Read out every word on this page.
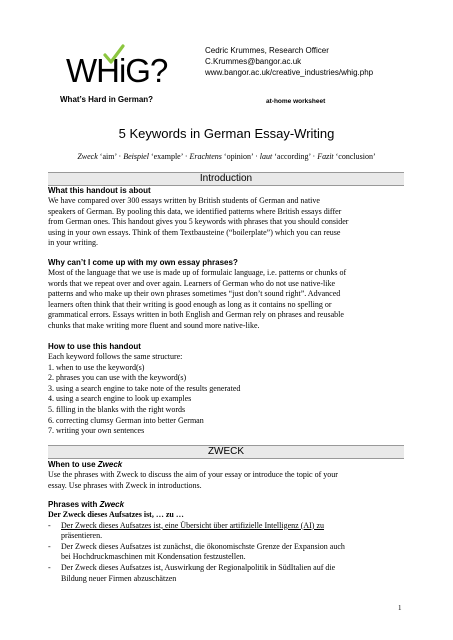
WHiG?
What’s Hard in German?
Cedric Krummes, Research Officer
C.Krummes@bangor.ac.uk
www.bangor.ac.uk/creative_industries/whig.php
at-home worksheet
5 Keywords in German Essay-Writing
Zweck ‘aim’ · Beispiel ‘example’ · Erachtens ‘opinion’ · laut ‘according’ · Fazit ‘conclusion’
Introduction
What this handout is about
We have compared over 300 essays written by British students of German and native
speakers of German. By pooling this data, we identified patterns where British essays differ
from German ones. This handout gives you 5 keywords with phrases that you should consider
using in your own essays. Think of them Textbausteine (“boilerplate”) which you can reuse
in your writing.
Why can’t I come up with my own essay phrases?
Most of the language that we use is made up of formulaic language, i.e. patterns or chunks of
words that we repeat over and over again. Learners of German who do not use native-like
patterns and who make up their own phrases sometimes “just don’t sound right”. Advanced
learners often think that their writing is good enough as long as it contains no spelling or
grammatical errors. Essays written in both English and German rely on phrases and reusable
chunks that make writing more fluent and sound more native-like.
How to use this handout
Each keyword follows the same structure:
1. when to use the keyword(s)
2. phrases you can use with the keyword(s)
3. using a search engine to take note of the results generated
4. using a search engine to look up examples
5. filling in the blanks with the right words
6. correcting clumsy German into better German
7. writing your own sentences
ZWECK
When to use Zweck
Use the phrases with Zweck to discuss the aim of your essay or introduce the topic of your
essay. Use phrases with Zweck in introductions.
Phrases with Zweck
Der Zweck dieses Aufsatzes ist, … zu …
- Der Zweck dieses Aufsatzes ist, eine Übersicht über artifizielle Intelligenz (AI) zu
präsentieren.
- Der Zweck dieses Aufsatzes ist zunächst, die ökonomischste Grenze der Expansion auch
bei Hochdruckmaschinen mit Kondensation festzustellen.
- Der Zweck dieses Aufsatzes ist, Auswirkung der Regionalpolitik in SüdItalien auf die
Bildung neuer Firmen abzuschätzen
1
